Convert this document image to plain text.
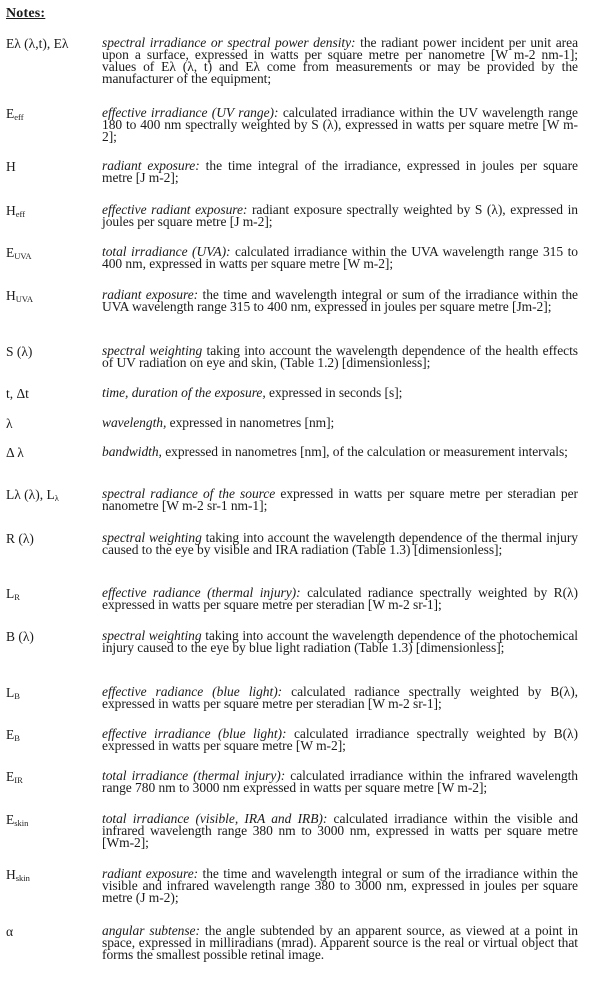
Notes:
Eλ (λ,t), Eλ	spectral irradiance or spectral power density: the radiant power incident per unit area upon a surface, expressed in watts per square metre per nanometre [W m-2 nm-1]; values of Eλ (λ, t) and Eλ come from measurements or may be provided by the manufacturer of the equipment;
$E_{eff}$	effective irradiance (UV range): calculated irradiance within the UV wavelength range 180 to 400 nm spectrally weighted by S (λ), expressed in watts per square metre [W m-2];
H	radiant exposure: the time integral of the irradiance, expressed in joules per square metre [J m-2];
$H_{eff}$	effective radiant exposure: radiant exposure spectrally weighted by S (λ), expressed in joules per square metre [J m-2];
$E_{UVA}$	total irradiance (UVA): calculated irradiance within the UVA wavelength range 315 to 400 nm, expressed in watts per square metre [W m-2];
$H_{UVA}$	radiant exposure: the time and wavelength integral or sum of the irradiance within the UVA wavelength range 315 to 400 nm, expressed in joules per square metre [Jm-2];
S (λ)	spectral weighting taking into account the wavelength dependence of the health effects of UV radiation on eye and skin, (Table 1.2) [dimensionless];
t, Δt	time, duration of the exposure, expressed in seconds [s];
λ	wavelength, expressed in nanometres [nm];
Δ λ	bandwidth, expressed in nanometres [nm], of the calculation or measurement intervals;
Lλ (λ), $L_\lambda$	spectral radiance of the source expressed in watts per square metre per steradian per nanometre [W m-2 sr-1 nm-1];
R (λ)	spectral weighting taking into account the wavelength dependence of the thermal injury caused to the eye by visible and IRA radiation (Table 1.3) [dimensionless];
$L_R$	effective radiance (thermal injury): calculated radiance spectrally weighted by R(λ) expressed in watts per square metre per steradian [W m-2 sr-1];
B (λ)	spectral weighting taking into account the wavelength dependence of the photochemical injury caused to the eye by blue light radiation (Table 1.3) [dimensionless];
$L_B$	effective radiance (blue light): calculated radiance spectrally weighted by B(λ), expressed in watts per square metre per steradian [W m-2 sr-1];
$E_B$	effective irradiance (blue light): calculated irradiance spectrally weighted by B(λ) expressed in watts per square metre [W m-2];
$E_{IR}$	total irradiance (thermal injury): calculated irradiance within the infrared wavelength range 780 nm to 3000 nm expressed in watts per square metre [W m-2];
$E_{skin}$	total irradiance (visible, IRA and IRB): calculated irradiance within the visible and infrared wavelength range 380 nm to 3000 nm, expressed in watts per square metre [Wm-2];
$H_{skin}$	radiant exposure: the time and wavelength integral or sum of the irradiance within the visible and infrared wavelength range 380 to 3000 nm, expressed in joules per square metre (J m-2);
α	angular subtense: the angle subtended by an apparent source, as viewed at a point in space, expressed in milliradians (mrad). Apparent source is the real or virtual object that forms the smallest possible retinal image.
